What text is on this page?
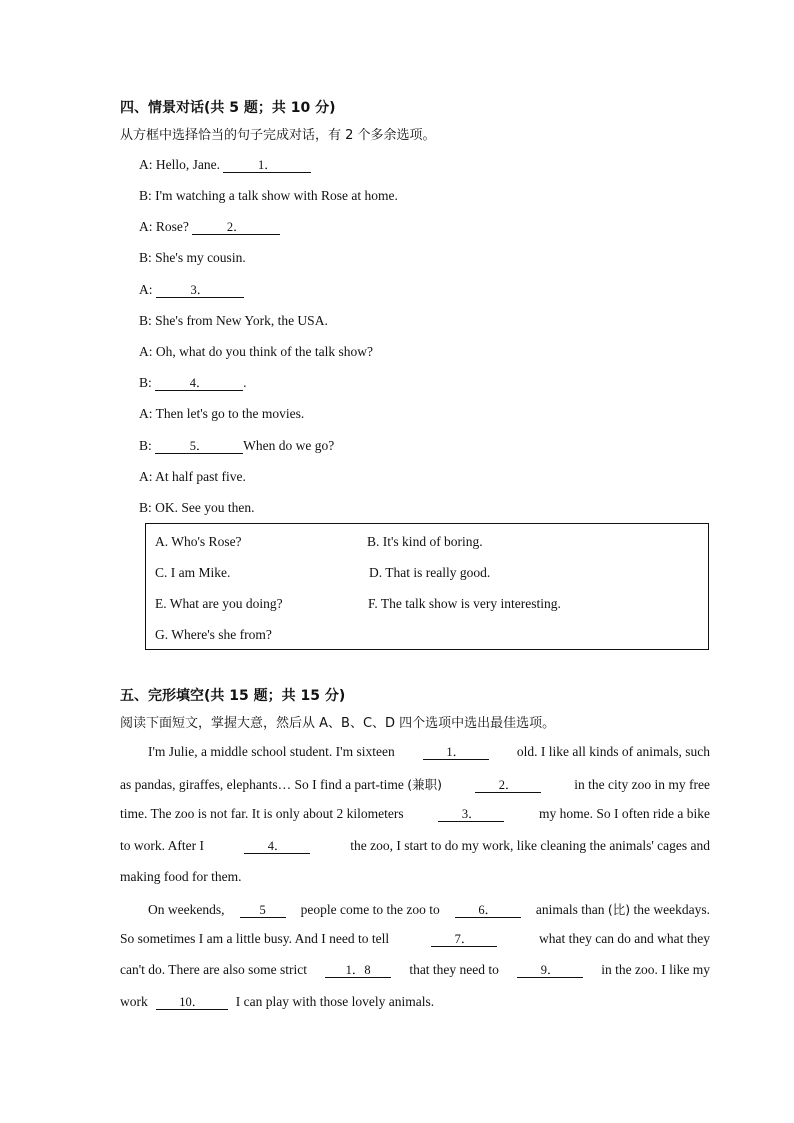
四、情景对话(共 5 题；共 10 分)
从方框中选择恰当的句子完成对话，有 2 个多余选项。
A: Hello, Jane.	1．
B: I'm watching a talk show with Rose at home.
A: Rose?	2．
B: She's my cousin.
A:	3．
B: She's from New York, the USA.
A: Oh, what do you think of the talk show?
B:	4．	.
A: Then let's go to the movies.
B:	5．	When do we go?
A: At half past five.
B: OK. See you then.
A. Who's Rose?	B. It's kind of boring.
C. I am Mike.	D. That is really good.
E. What are you doing?	F. The talk show is very interesting.
G. Where's she from?
五、完形填空(共 15 题；共 15 分)
阅读下面短文，掌握大意，然后从 A、B、C、D 四个选项中选出最佳选项。
I'm Julie, a middle school student. I'm sixteen	1．	old. I like all kinds of animals, such
as pandas, giraffes, elephants… So I find a part-time (兼职)	2．	in the city zoo in my free
time. The zoo is not far. It is only about 2 kilometers	3．	my home. So I often ride a bike
to work. After I	4．	the zoo, I start to do my work, like cleaning the animals' cages and
making food for them.
On weekends,	5	people come to the zoo to	6．	animals than (比) the weekdays.
So sometimes I am a little busy. And I need to tell	7．	what they can do and what they
can't do. There are also some strict	1．8	that they need to	9．	in the zoo. I like my
work	10．	I can play with those lovely animals.
